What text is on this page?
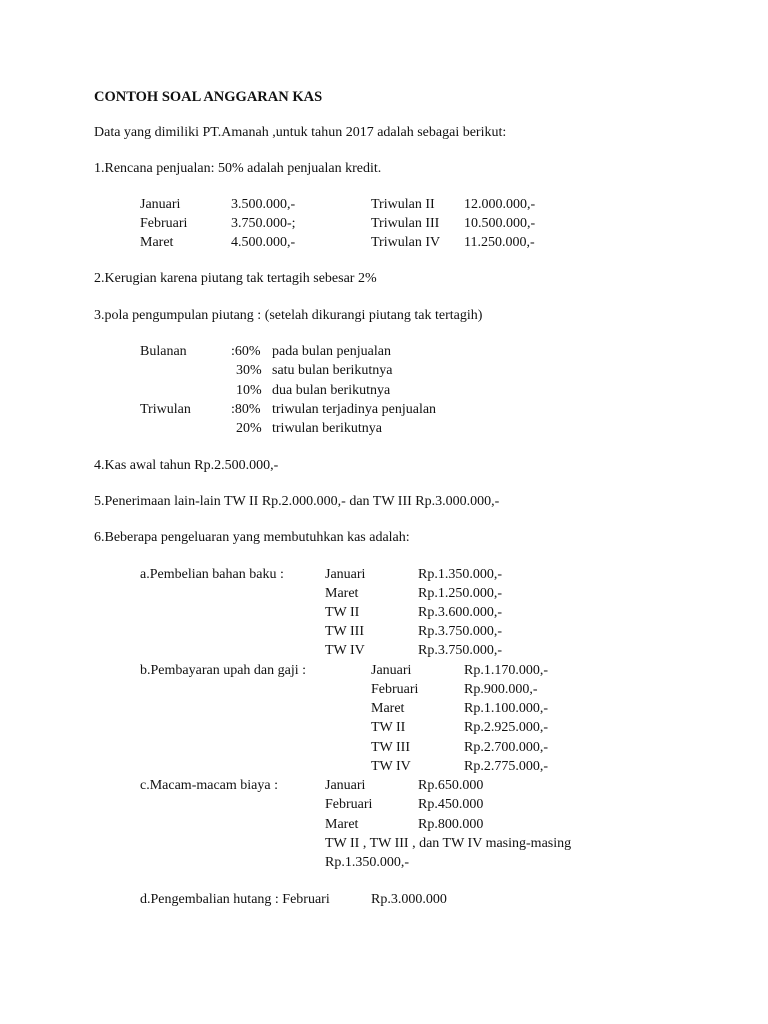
CONTOH SOAL ANGGARAN KAS
Data yang dimiliki PT.Amanah ,untuk tahun 2017 adalah sebagai berikut:
1.Rencana penjualan: 50% adalah penjualan kredit.
Januari	3.500.000,-	Triwulan II 12.000.000,-
Februari	3.750.000-;	Triwulan III 10.500.000,-
Maret	4.500.000,-	Triwulan IV 11.250.000,-
2.Kerugian karena piutang tak tertagih sebesar 2%
3.pola pengumpulan piutang : (setelah dikurangi piutang tak tertagih)
Bulanan	:60% pada bulan penjualan
30% satu bulan berikutnya
10% dua bulan berikutnya
Triwulan	:80% triwulan terjadinya penjualan
20% triwulan berikutnya
4.Kas awal tahun Rp.2.500.000,-
5.Penerimaan lain-lain TW II Rp.2.000.000,- dan TW III Rp.3.000.000,-
6.Beberapa pengeluaran yang membutuhkan kas adalah:
a.Pembelian bahan baku :	Januari	Rp.1.350.000,-
Maret	Rp.1.250.000,-
TW II	Rp.3.600.000,-
TW III	Rp.3.750.000,-
TW IV	Rp.3.750.000,-
b.Pembayaran upah dan gaji :	Januari	Rp.1.170.000,-
Februari	Rp.900.000,-
Maret	Rp.1.100.000,-
TW II	Rp.2.925.000,-
TW III	Rp.2.700.000,-
TW IV	Rp.2.775.000,-
c.Macam-macam biaya :	Januari	Rp.650.000
Februari	Rp.450.000
Maret	Rp.800.000
TW II , TW III , dan TW IV masing-masing
Rp.1.350.000,-
d.Pengembalian hutang : Februari	Rp.3.000.000
